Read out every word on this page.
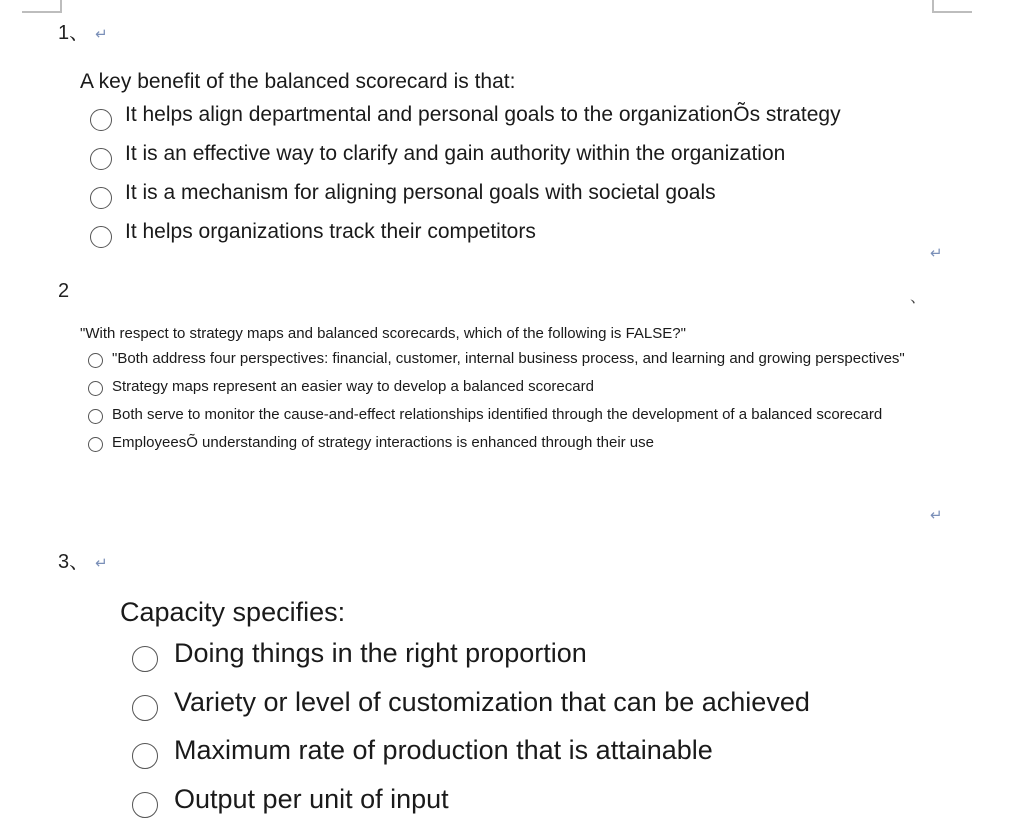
1、 ↵
A key benefit of the balanced scorecard is that:
It helps align departmental and personal goals to the organizationÕs strategy
It is an effective way to clarify and gain authority within the organization
It is a mechanism for aligning personal goals with societal goals
It helps organizations track their competitors
↵
2	、
"With respect to strategy maps and balanced scorecards, which of the following is FALSE?"
"Both address four perspectives: financial, customer, internal business process, and learning and growing perspectives"
Strategy maps represent an easier way to develop a balanced scorecard
Both serve to monitor the cause-and-effect relationships identified through the development of a balanced scorecard
EmployeesÕ understanding of strategy interactions is enhanced through their use
↵
3、 ↵
Capacity specifies:
Doing things in the right proportion
Variety or level of customization that can be achieved
Maximum rate of production that is attainable
Output per unit of input
